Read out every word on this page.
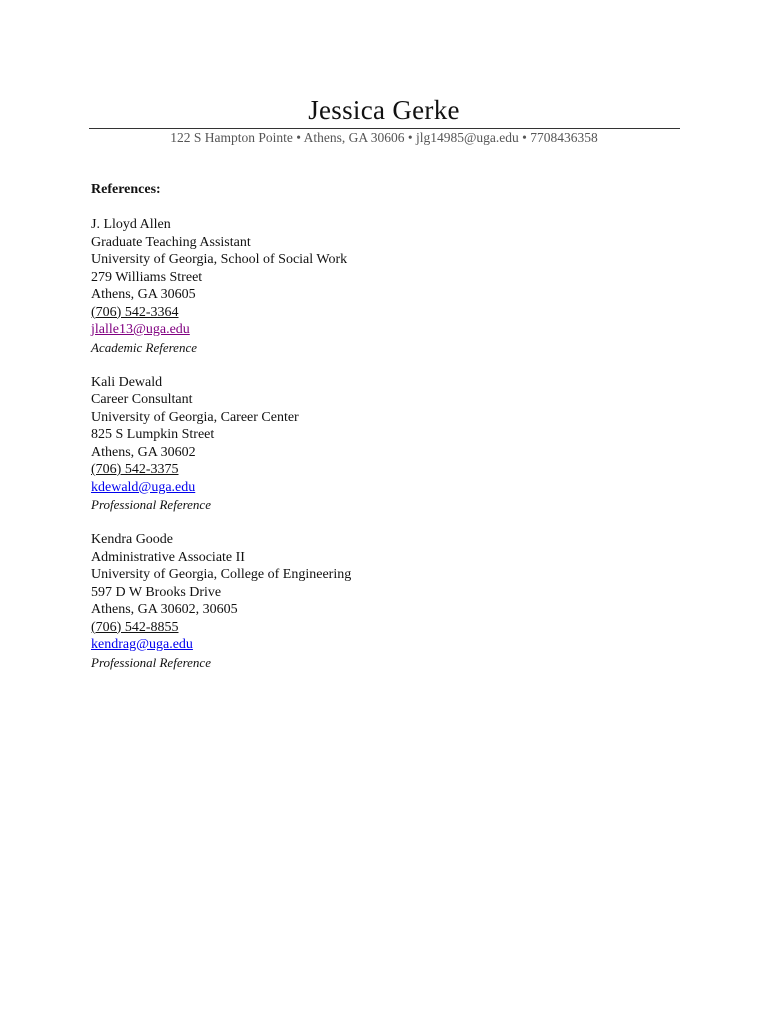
Jessica Gerke
122 S Hampton Pointe • Athens, GA 30606 • jlg14985@uga.edu • 7708436358
References:
J. Lloyd Allen
Graduate Teaching Assistant
University of Georgia, School of Social Work
279 Williams Street
Athens, GA 30605
(706) 542-3364
jlalle13@uga.edu
Academic Reference
Kali Dewald
Career Consultant
University of Georgia, Career Center
825 S Lumpkin Street
Athens, GA 30602
(706) 542-3375
kdewald@uga.edu
Professional Reference
Kendra Goode
Administrative Associate II
University of Georgia, College of Engineering
597 D W Brooks Drive
Athens, GA 30602, 30605
(706) 542-8855
kendrag@uga.edu
Professional Reference
